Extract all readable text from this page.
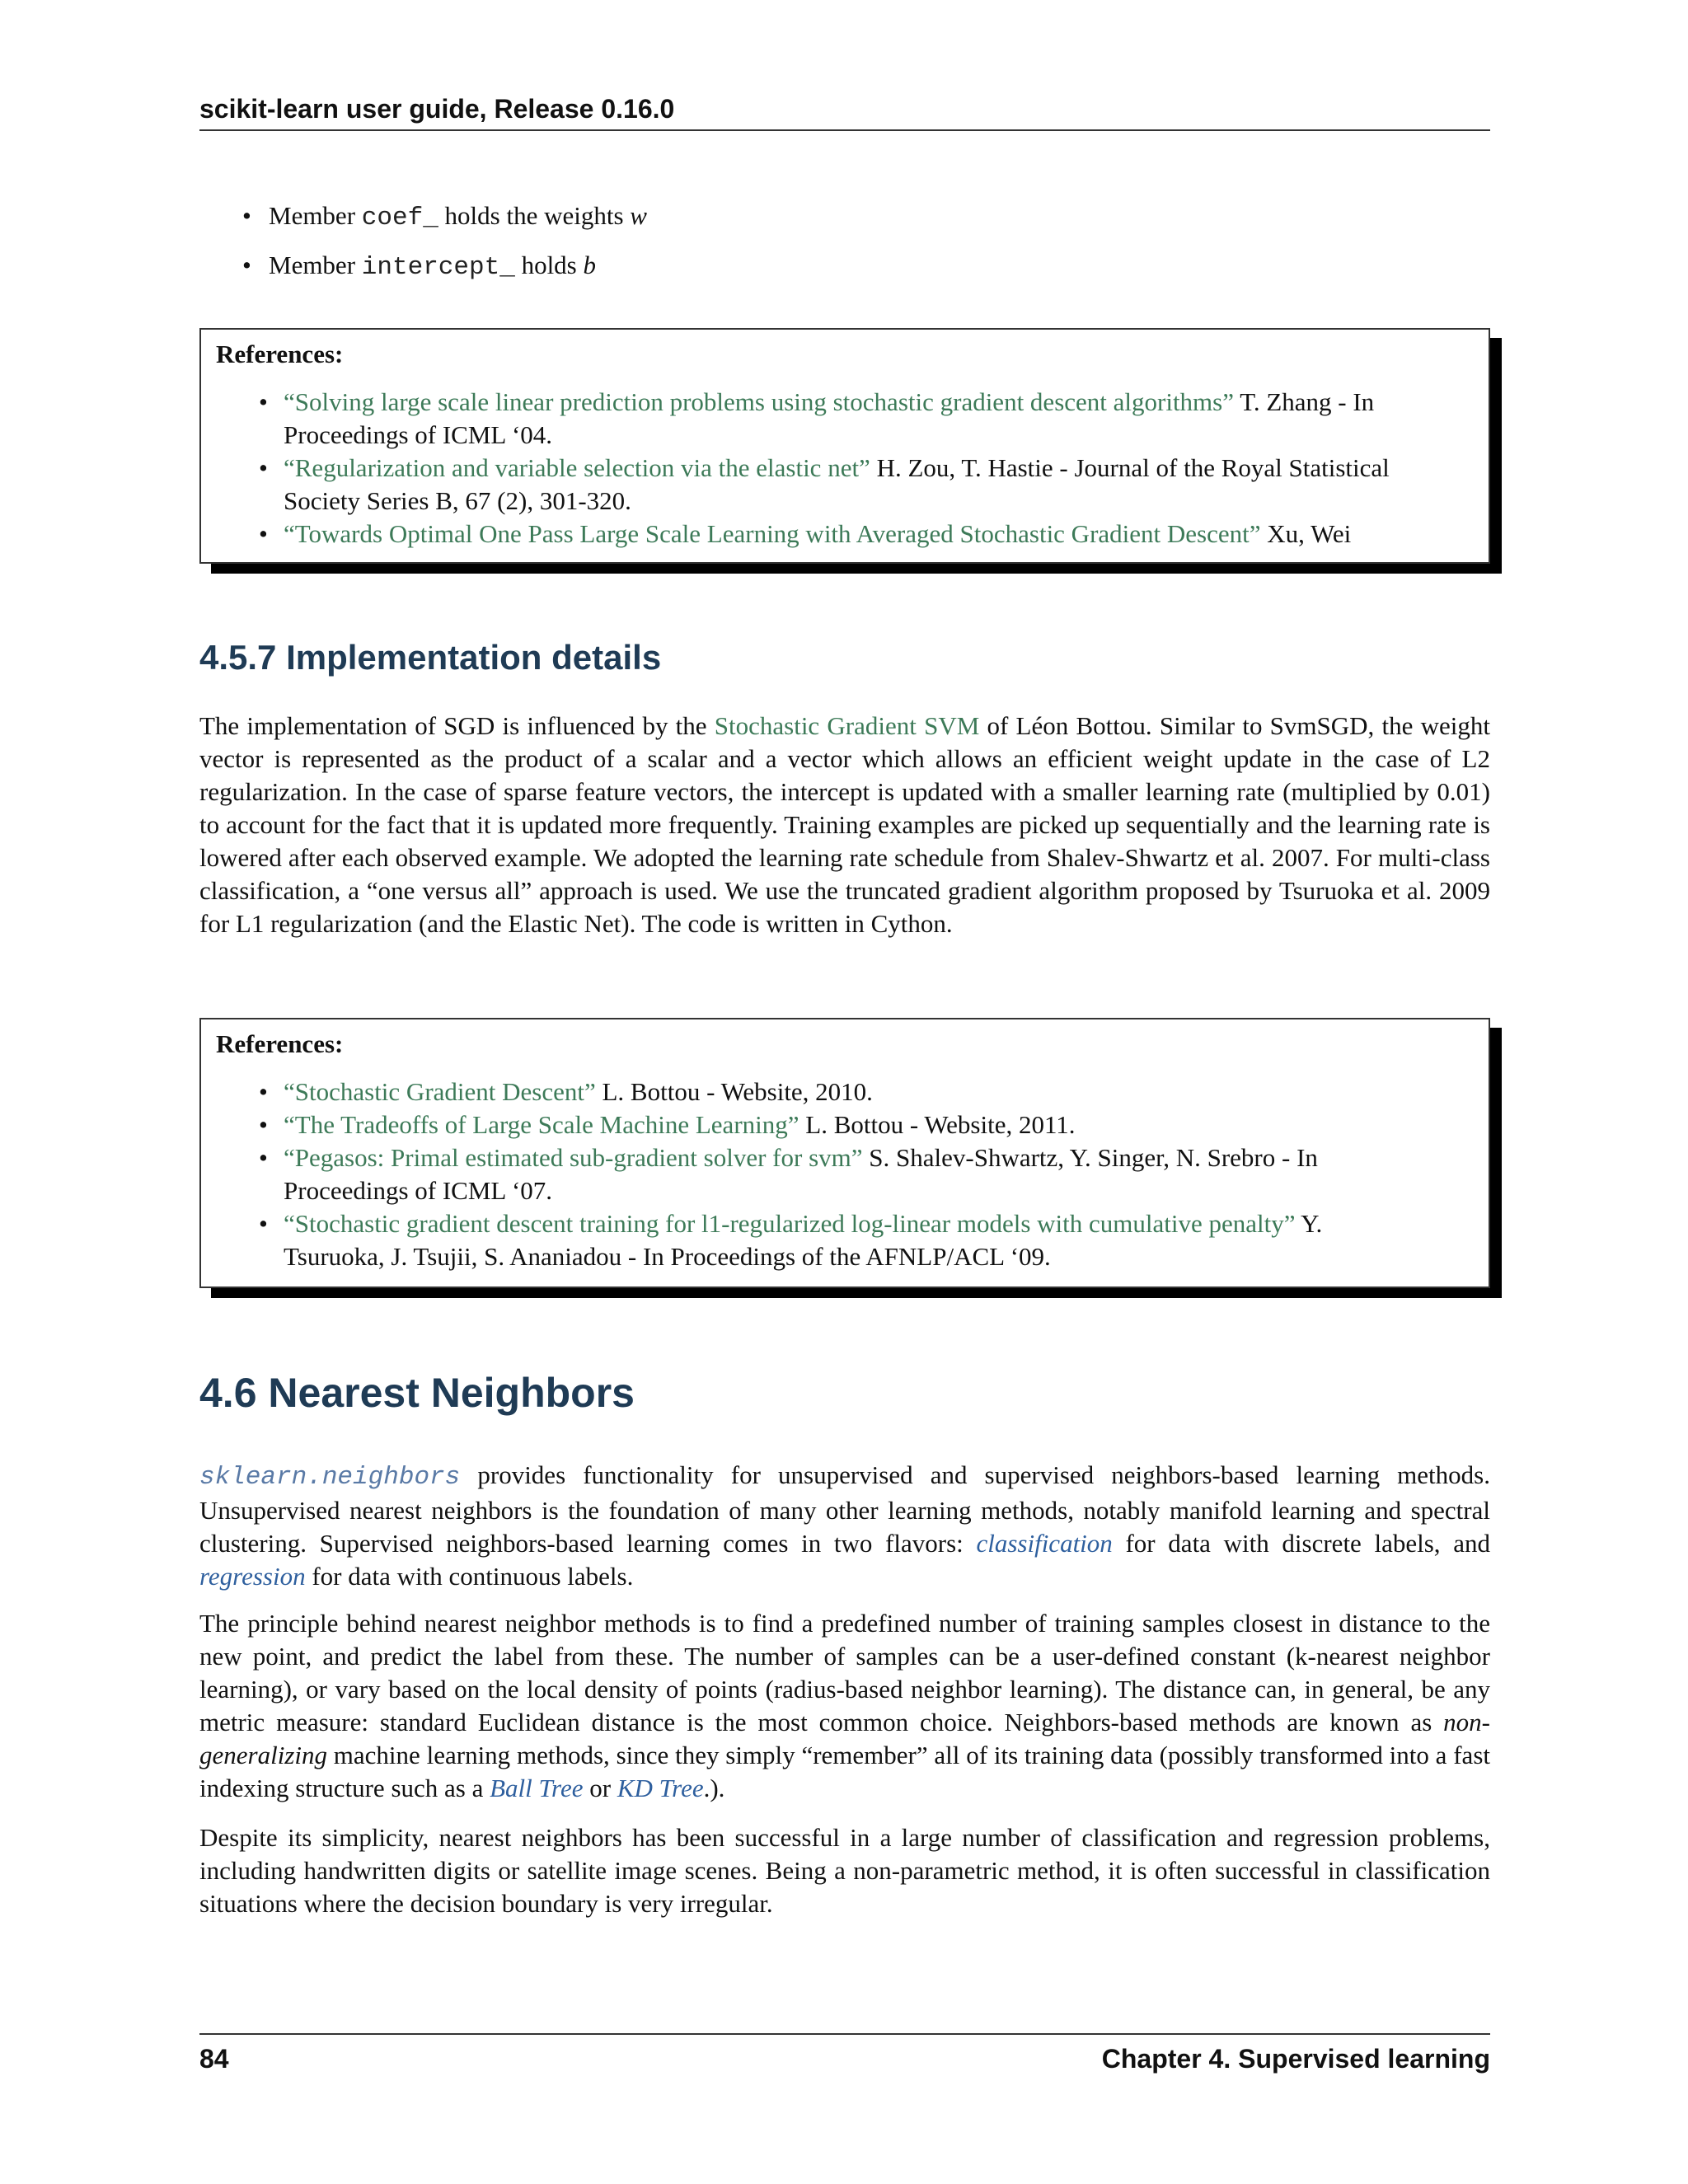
scikit-learn user guide, Release 0.16.0
• Member coef_ holds the weights w
• Member intercept_ holds b
References:
• “Solving large scale linear prediction problems using stochastic gradient descent algorithms” T. Zhang - In Proceedings of ICML ‘04.
• “Regularization and variable selection via the elastic net” H. Zou, T. Hastie - Journal of the Royal Statistical Society Series B, 67 (2), 301-320.
• “Towards Optimal One Pass Large Scale Learning with Averaged Stochastic Gradient Descent” Xu, Wei
4.5.7 Implementation details

The implementation of SGD is influenced by the Stochastic Gradient SVM of Léon Bottou. Similar to SvmSGD, the weight vector is represented as the product of a scalar and a vector which allows an efficient weight update in the case of L2 regularization. In the case of sparse feature vectors, the intercept is updated with a smaller learning rate (multiplied by 0.01) to account for the fact that it is updated more frequently. Training examples are picked up sequentially and the learning rate is lowered after each observed example. We adopted the learning rate schedule from Shalev-Shwartz et al. 2007. For multi-class classification, a “one versus all” approach is used. We use the truncated gradient algorithm proposed by Tsuruoka et al. 2009 for L1 regularization (and the Elastic Net). The code is written in Cython.

References:
• “Stochastic Gradient Descent” L. Bottou - Website, 2010.
• “The Tradeoffs of Large Scale Machine Learning” L. Bottou - Website, 2011.
• “Pegasos: Primal estimated sub-gradient solver for svm” S. Shalev-Shwartz, Y. Singer, N. Srebro - In Proceedings of ICML ‘07.
• “Stochastic gradient descent training for l1-regularized log-linear models with cumulative penalty” Y. Tsuruoka, J. Tsujii, S. Ananiadou - In Proceedings of the AFNLP/ACL ‘09.
4.6 Nearest Neighbors

sklearn.neighbors provides functionality for unsupervised and supervised neighbors-based learning methods. Unsupervised nearest neighbors is the foundation of many other learning methods, notably manifold learning and spectral clustering. Supervised neighbors-based learning comes in two flavors: classification for data with discrete labels, and regression for data with continuous labels.

The principle behind nearest neighbor methods is to find a predefined number of training samples closest in distance to the new point, and predict the label from these. The number of samples can be a user-defined constant (k-nearest neighbor learning), or vary based on the local density of points (radius-based neighbor learning). The distance can, in general, be any metric measure: standard Euclidean distance is the most common choice. Neighbors-based methods are known as non-generalizing machine learning methods, since they simply “remember” all of its training data (possibly transformed into a fast indexing structure such as a Ball Tree or KD Tree.).

Despite its simplicity, nearest neighbors has been successful in a large number of classification and regression problems, including handwritten digits or satellite image scenes. Being a non-parametric method, it is often successful in classification situations where the decision boundary is very irregular.

84	Chapter 4. Supervised learning
